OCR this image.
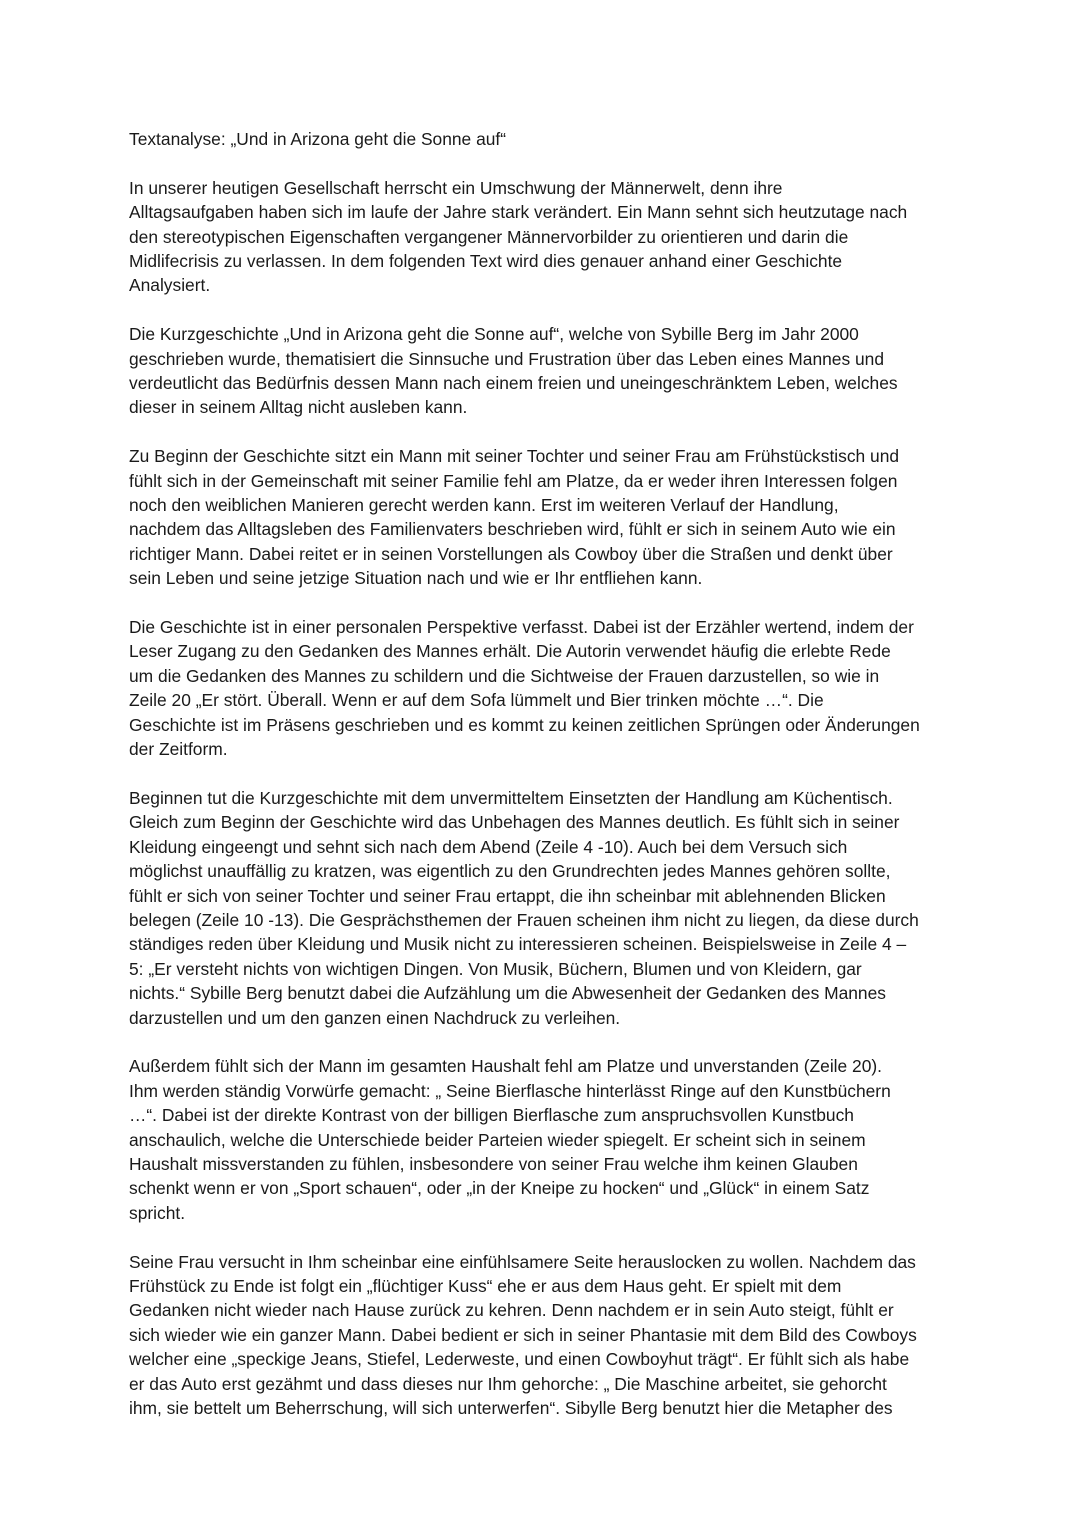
Textanalyse: „Und in Arizona geht die Sonne auf“
In unserer heutigen Gesellschaft herrscht ein Umschwung der Männerwelt, denn ihre
Alltagsaufgaben haben sich im laufe der Jahre stark verändert. Ein Mann sehnt sich heutzutage nach
den stereotypischen Eigenschaften vergangener Männervorbilder zu orientieren und darin die
Midlifecrisis zu verlassen. In dem folgenden Text wird dies genauer anhand einer Geschichte
Analysiert.
Die Kurzgeschichte „Und in Arizona geht die Sonne auf“, welche von Sybille Berg im Jahr 2000
geschrieben wurde, thematisiert die Sinnsuche und Frustration über das Leben eines Mannes und
verdeutlicht das Bedürfnis dessen Mann nach einem freien und uneingeschränktem Leben, welches
dieser in seinem Alltag nicht ausleben kann.
Zu Beginn der Geschichte sitzt ein Mann mit seiner Tochter und seiner Frau am Frühstückstisch und
fühlt sich in der Gemeinschaft mit seiner Familie fehl am Platze, da er weder ihren Interessen folgen
noch den weiblichen Manieren gerecht werden kann. Erst im weiteren Verlauf der Handlung,
nachdem das Alltagsleben des Familienvaters beschrieben wird, fühlt er sich in seinem Auto wie ein
richtiger Mann. Dabei reitet er in seinen Vorstellungen als Cowboy über die Straßen und denkt über
sein Leben und seine jetzige Situation nach und wie er Ihr entfliehen kann.
Die Geschichte ist in einer personalen Perspektive verfasst. Dabei ist der Erzähler wertend, indem der
Leser Zugang zu den Gedanken des Mannes erhält. Die Autorin verwendet häufig die erlebte Rede
um die Gedanken des Mannes zu schildern und die Sichtweise der Frauen darzustellen, so wie in
Zeile 20 „Er stört. Überall. Wenn er auf dem Sofa lümmelt und Bier trinken möchte …“. Die
Geschichte ist im Präsens geschrieben und es kommt zu keinen zeitlichen Sprüngen oder Änderungen
der Zeitform.
Beginnen tut die Kurzgeschichte mit dem unvermitteltem Einsetzten der Handlung am Küchentisch.
Gleich zum Beginn der Geschichte wird das Unbehagen des Mannes deutlich. Es fühlt sich in seiner
Kleidung eingeengt und sehnt sich nach dem Abend (Zeile 4 -10). Auch bei dem Versuch sich
möglichst unauffällig zu kratzen, was eigentlich zu den Grundrechten jedes Mannes gehören sollte,
fühlt er sich von seiner Tochter und seiner Frau ertappt, die ihn scheinbar mit ablehnenden Blicken
belegen (Zeile 10 -13). Die Gesprächsthemen der Frauen scheinen ihm nicht zu liegen, da diese durch
ständiges reden über Kleidung und Musik nicht zu interessieren scheinen. Beispielsweise in Zeile 4 –
5: „Er versteht nichts von wichtigen Dingen. Von Musik, Büchern, Blumen und von Kleidern, gar
nichts.“ Sybille Berg benutzt dabei die Aufzählung um die Abwesenheit der Gedanken des Mannes
darzustellen und um den ganzen einen Nachdruck zu verleihen.
Außerdem fühlt sich der Mann im gesamten Haushalt fehl am Platze und unverstanden (Zeile 20).
Ihm werden ständig Vorwürfe gemacht: „ Seine Bierflasche hinterlässt Ringe auf den Kunstbüchern
…“. Dabei ist der direkte Kontrast von der billigen Bierflasche zum anspruchsvollen Kunstbuch
anschaulich, welche die Unterschiede beider Parteien wieder spiegelt. Er scheint sich in seinem
Haushalt missverstanden zu fühlen, insbesondere von seiner Frau welche ihm keinen Glauben
schenkt wenn er von „Sport schauen“, oder „in der Kneipe zu hocken“ und „Glück“ in einem Satz
spricht.
Seine Frau versucht in Ihm scheinbar eine einfühlsamere Seite herauslocken zu wollen. Nachdem das
Frühstück zu Ende ist folgt ein „flüchtiger Kuss“ ehe er aus dem Haus geht. Er spielt mit dem
Gedanken nicht wieder nach Hause zurück zu kehren. Denn nachdem er in sein Auto steigt, fühlt er
sich wieder wie ein ganzer Mann. Dabei bedient er sich in seiner Phantasie mit dem Bild des Cowboys
welcher eine „speckige Jeans, Stiefel, Lederweste, und einen Cowboyhut trägt“. Er fühlt sich als habe
er das Auto erst gezähmt und dass dieses nur Ihm gehorche: „ Die Maschine arbeitet, sie gehorcht
ihm, sie bettelt um Beherrschung, will sich unterwerfen“. Sibylle Berg benutzt hier die Metapher des
